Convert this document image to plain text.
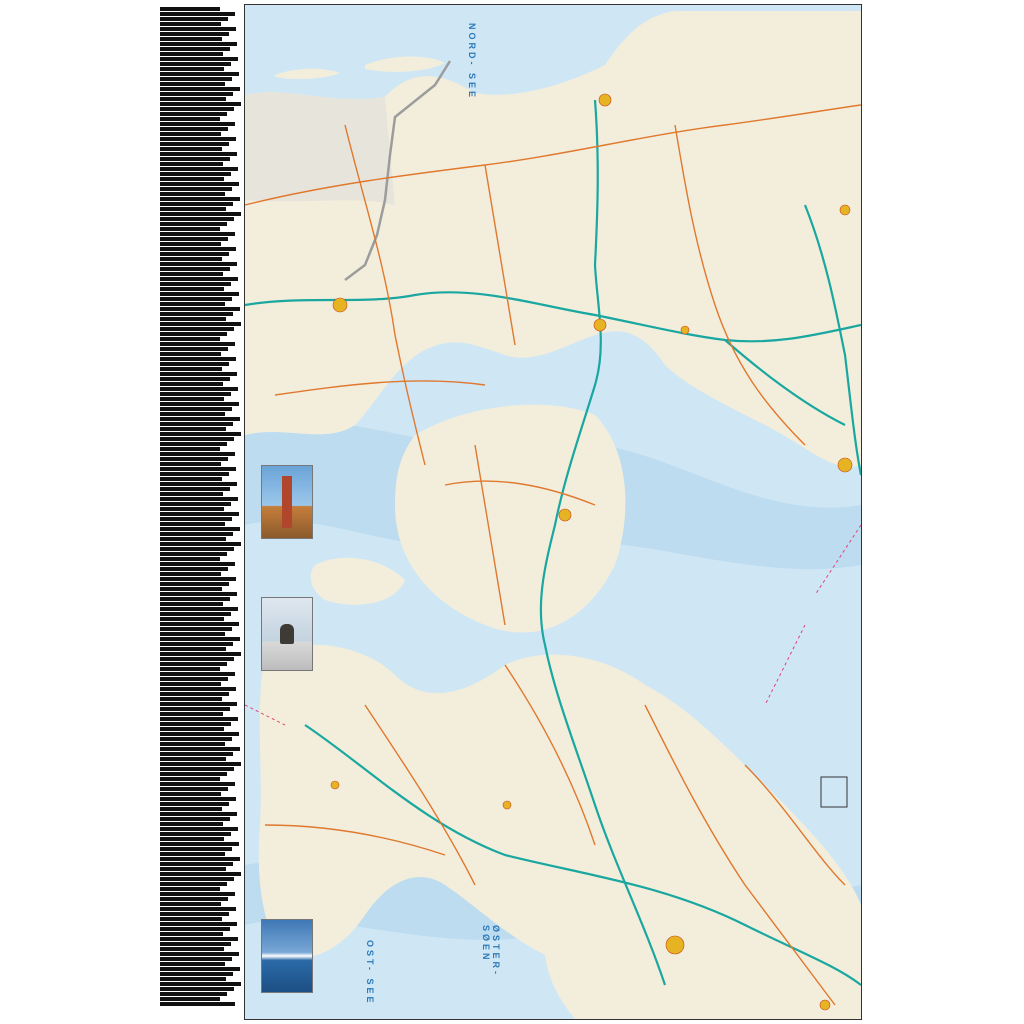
NORD- SEE
OST- SEE	ØSTER- SØEN
